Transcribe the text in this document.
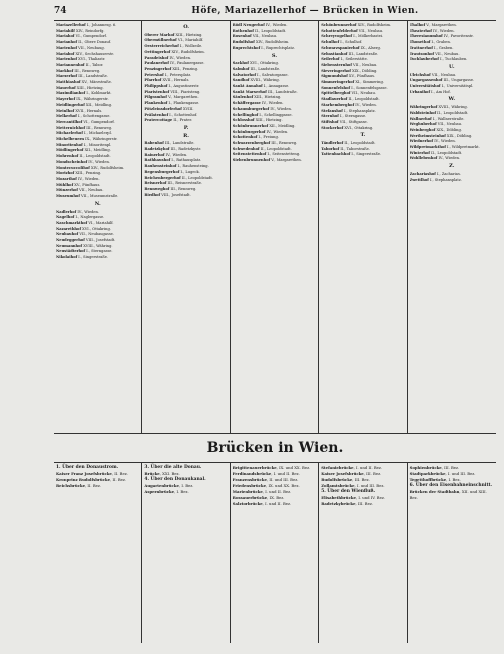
74	Höfe, Mariazellerhof — Brücken in Wien.
Mariazellerhof I., Johannesg. 6.
Mariahilf XIV., Reindorfg.
Mariahof VI., Gumpendorf.
Marianhof II., Obere Donauf.
Marienhof VII., Neubaug.
Mariabof XIV., Sechshauserstr.
Marienhof XVI., Thaliastr.
Mariannenhof II., Tabor.
Markhof III., Rennweg.
Marxerhof III., Landstraße.
Matthiashof XV., Märzstraße.
Mauerhof XIII., Hietzing.
Maximilianhof I., Kohlmarkt.
Mayerhof IX., Währingerstr.
Meidlingerhof XII., Meidling.
Meinlhof XVII., Hernals.
Melkerhof I., Schottengasse.
Mercantilhof VI., Gumpendorf.
Metternichhof III., Rennweg.
Michaelerhof I., Michaelerpl.
Michelbeuern IX., Währingerstr.
Minoritenhof I., Minoritenpl.
Mödlingerhof XII., Meidling.
Mohrenhof II., Leopoldstadt.
Mondscheinhof IV., Wieden.
Montecuccolihof XIV., Rudolfsheim.
Morizhof XIII., Penzing.
Mozarthof IV., Wieden.
Mühlhof XV., Fünfhaus.
Münzerhof VII., Neubau.
Museumhof VII., Museumstraße.
N.
Nadlerhof IV., Wieden.
Nagelhof I., Naglergasse.
Naschmarkthof VI., Mariahilf.
Nazarethhof XVI., Ottakring.
Neubauhof VII., Neubaugasse.
Neudeggerhof VIII., Josefstadt.
Neumannhof XVIII., Währing.
Neustädterhof I., Sterngasse.
Nikolaihof I., Singerstraße.
O.
Oberer Marhof XIII., Hietzing.
Obermüllnerhof VI., Mariahilf.
Oesterreicherhof I., Wollzeile.
Oettingerhof XIV., Rudolfsheim.
Paradeishof IV., Wieden.
Paulanerhof IV., Paulanergasse.
Penzingerhof XIII., Penzing.
Petershof I., Petersplatz.
Pfarrhof XVII., Hernals.
Philippshof I., Augustinerstr.
Piaristenhof VIII., Piaristeng.
Pilgramhof V., Margarethen.
Plankenhof I., Plankengasse.
Pötzleinsdorferhof XVIII.
Prälatenhof I., Schottenhof.
Pratercottage II., Prater.
P.
R.
Rabenhof III., Landstraße.
Radetzkyhof III., Radetzkystr.
Rainerhof IV., Wieden.
Rathhaushof I., Rathausplatz.
Rauhensteinhof I., Rauhensteing.
Regensburgerhof I., Lugeck.
Reichenbergerhof II., Leopoldstadt.
Reisnerhof III., Reisnerstraße.
Rennweghof III., Rennweg.
Riedhof VIII., Josefstadt.
Rödl Neugerhof IV., Wieden.
Rothenhof II., Leopoldstadt.
Rosenhof VII., Neubau.
Rudolfshof XIV., Rudolfsheim.
Ruprechtshof I., Ruprechtsplatz.
S.
Sackhof XVI., Ottakring.
Salmhof III., Landstraße.
Salvatorhof I., Salvatorgasse.
Sandhof XVIII., Währing.
Sankt Annahof I., Annagasse.
Sankt Marxerhof III., Landstraße.
Säulenhof XIII., Hietzing.
Schäffergasse IV., Wieden.
Schaumburgerhof IV., Wieden.
Schellinghof I., Schellinggasse.
Schlosshof XIII., Hietzing.
Schönbrunnerhof XII., Meidling.
Schönburgerhof IV., Wieden.
Schottenhof I., Freiung.
Schwarzenberghof III., Rennweg.
Schwedenhof II., Leopoldstadt.
Seitenstettenhof I., Seitenstetteng.
Siebenbrunnenhof V., Margarethen.
Schönbrunnerhof XIV., Rudolfsheim.
Schottenfelderhof VII., Neubau.
Schreyvogelhof I., Mölkerbastei.
Schulhof I., Schulhof.
Schwarzspanierhof IX., Alserg.
Sebastianhof III., Landstraße.
Seilerhof I., Seilerstätte.
Siebensternhof VII., Neubau.
Sieveringerhof XIX., Döbling.
Sigmundshof XV., Fünfhaus.
Simmeringerhof XI., Simmering.
Sonnenfelshof I., Sonnenfelsgasse.
Spittelberghof VII., Neubau.
Stadlauerhof II., Leopoldstadt.
Starhemberghof IV., Wieden.
Stefanshof I., Stephansplatz.
Sternhof I., Sterngasse.
Stiftshof VII., Stiftgasse.
Stockerhof XVI., Ottakring.
T.
Tändlerhof II., Leopoldstadt.
Taborhof II., Taborstraße.
Tattenbachhof I., Singerstraße.
Thalhof V., Margarethen.
Theaterhof IV., Wieden.
Theresianumhof IV., Favoritenstr.
Thonethof I., Graben.
Trattnerhof I., Graben.
Trautsonhof VII., Neubau.
Tuchlauberhof I., Tuchlauben.
U.
Ulrichshof VII., Neubau.
Ungargassenhof III., Ungargasse.
Universitätshof I., Universitätspl.
Urbanihof I., Am Hof.
W.
Währingerhof XVIII., Währing.
Waldsteinhof II., Leopoldstadt.
Wallnerhof I., Wallnerstraße.
Weghuberhof VII., Neubau.
Weinberghof XIX., Döbling.
Wertheimsteinhof XIX., Döbling.
Wiednerhof IV., Wieden.
Wildpretmarkthof I., Wildpretmarkt.
Winterhof II., Leopoldstadt.
Wohllebenhof IV., Wieden.
Z.
Zachariashof I., Zacharias.
Zwettlhof I., Stephansplatz.
Brücken in Wien.
1. Über den Donaustrom.
Kaiser Franz Josefsbrücke, II. Bez.
Kronprinz Rudolfsbrücke, II. Bez.
Reichsbrücke, II. Bez.
3. Über die alte Donau.
Brücke, XXI. Bez.
4. Über den Donaukanal.
Augartenbrücke, I. Bez.
Aspernbrücke, I. Bez.
Brigittenauerbrücke, IX. und XX. Bez.
Ferdinandsbrücke, I. und II. Bez.
Franzensbrücke, II. und III. Bez.
Friedensbrücke, IX. und XX. Bez.
Marienbrücke, I. und II. Bez.
Rossauerbrücke, IX. Bez.
Salztorbrücke, I. und II. Bez.
Stefaniebrücke, I. und II. Bez.
Kaiser Josefsbrücke, III. Bez.
Rudolfsbrücke, III. Bez.
Zollamtsbrücke, I. und III. Bez.
5. Über den Wienfluß.
Elisabethbrücke, I. und IV. Bez.
Radetzkybrücke, III. Bez.
Sophienbrücke, III. Bez.
Stadtparkbrücke, I. und III. Bez.
Tegetthoffbrücke, I. Bez.
6. Über den Eisenbahneinschnitt.
Brücken der Stadtbahn, XII. und XIII. Bez.
